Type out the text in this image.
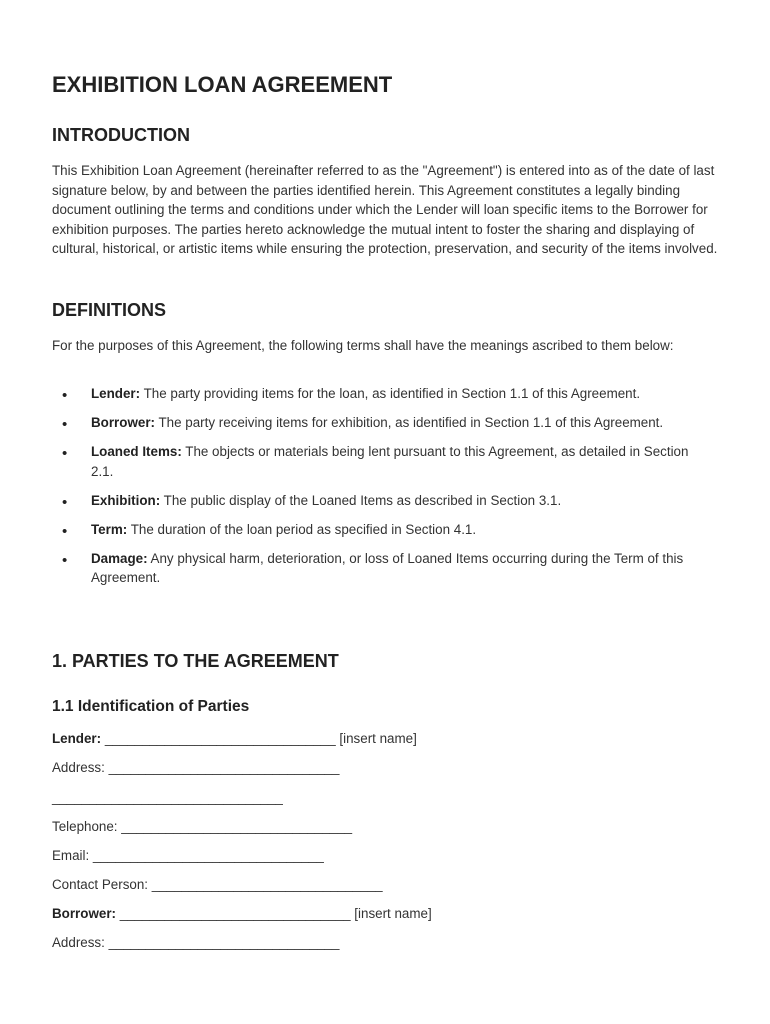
EXHIBITION LOAN AGREEMENT
INTRODUCTION

This Exhibition Loan Agreement (hereinafter referred to as the "Agreement") is entered into as of the date of last signature below, by and between the parties identified herein. This Agreement constitutes a legally binding document outlining the terms and conditions under which the Lender will loan specific items to the Borrower for exhibition purposes. The parties hereto acknowledge the mutual intent to foster the sharing and displaying of cultural, historical, or artistic items while ensuring the protection, preservation, and security of the items involved.

DEFINITIONS

For the purposes of this Agreement, the following terms shall have the meanings ascribed to them below:

• Lender: The party providing items for the loan, as identified in Section 1.1 of this Agreement.
• Borrower: The party receiving items for exhibition, as identified in Section 1.1 of this Agreement.
• Loaned Items: The objects or materials being lent pursuant to this Agreement, as detailed in Section 2.1.
• Exhibition: The public display of the Loaned Items as described in Section 3.1.
• Term: The duration of the loan period as specified in Section 4.1.
• Damage: Any physical harm, deterioration, or loss of Loaned Items occurring during the Term of this Agreement.
1. PARTIES TO THE AGREEMENT
1.1 Identification of Parties

Lender: _______________________________ [insert name]

Address: _______________________________

_______________________________

Telephone: _______________________________

Email: _______________________________

Contact Person: _______________________________

Borrower: _______________________________ [insert name]

Address: _______________________________
